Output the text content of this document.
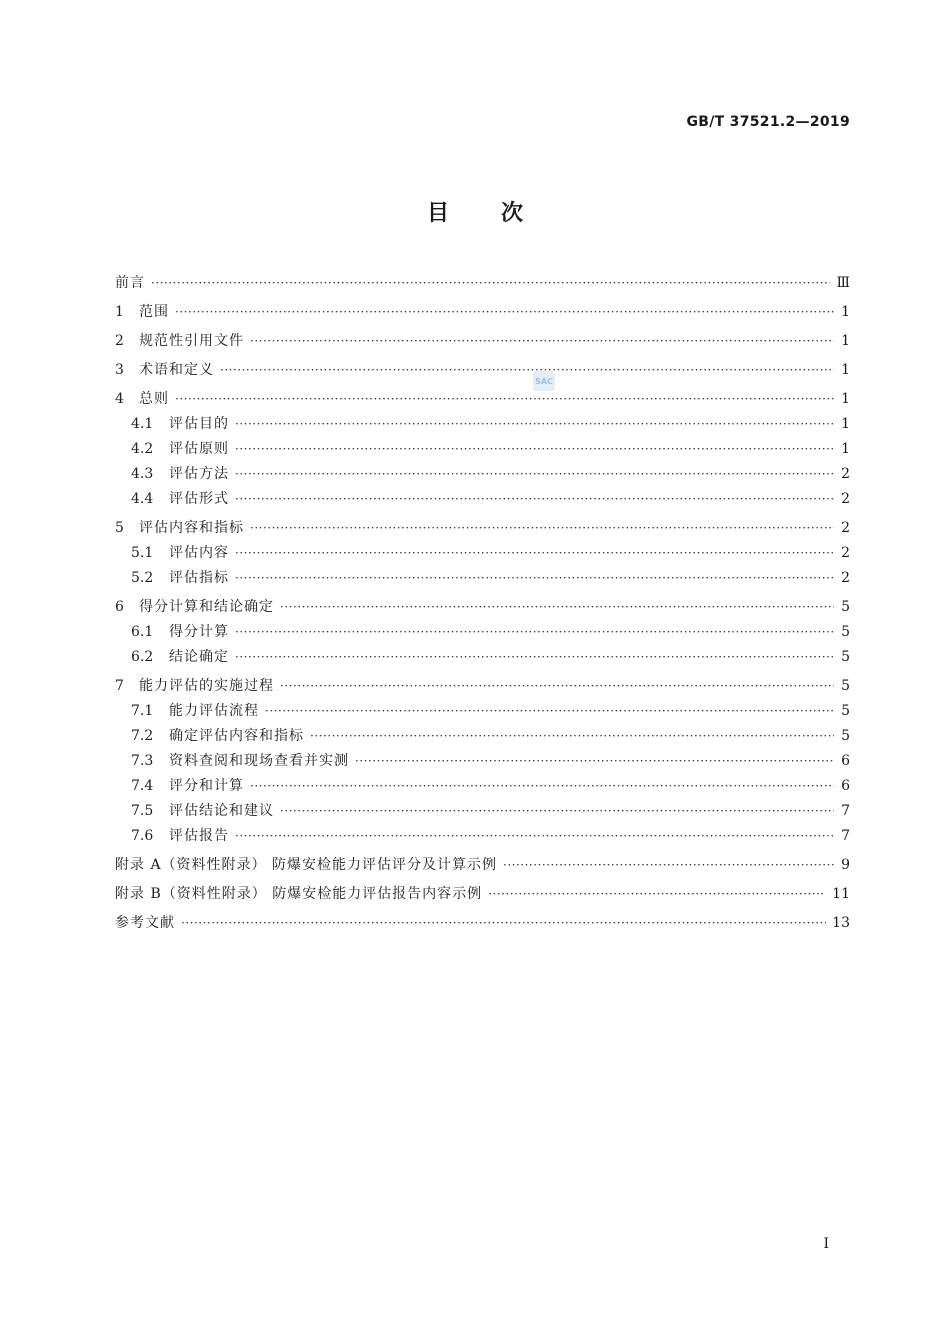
GB/T 37521.2—2019
目次
SAC
前言 ·····	Ⅲ
1	范围 ·····	1
2	规范性引用文件 ·····	1
3	术语和定义 ·····	1
4	总则 ·····	1
4.1	评估目的 ·····	1
4.2	评估原则 ·····	1
4.3	评估方法 ·····	2
4.4	评估形式 ·····	2
5	评估内容和指标 ·····	2
5.1	评估内容 ·····	2
5.2	评估指标 ·····	2
6	得分计算和结论确定 ·····	5
6.1	得分计算 ·····	5
6.2	结论确定 ·····	5
7	能力评估的实施过程 ·····	5
7.1	能力评估流程 ·····	5
7.2	确定评估内容和指标 ·····	5
7.3	资料查阅和现场查看并实测 ·····	6
7.4	评分和计算 ·····	6
7.5	评估结论和建议 ·····	7
7.6	评估报告 ·····	7
附录 A（资料性附录） 防爆安检能力评估评分及计算示例 ·····	9
附录 B（资料性附录） 防爆安检能力评估报告内容示例 ·····	11
参考文献 ·····	13
Ⅰ
